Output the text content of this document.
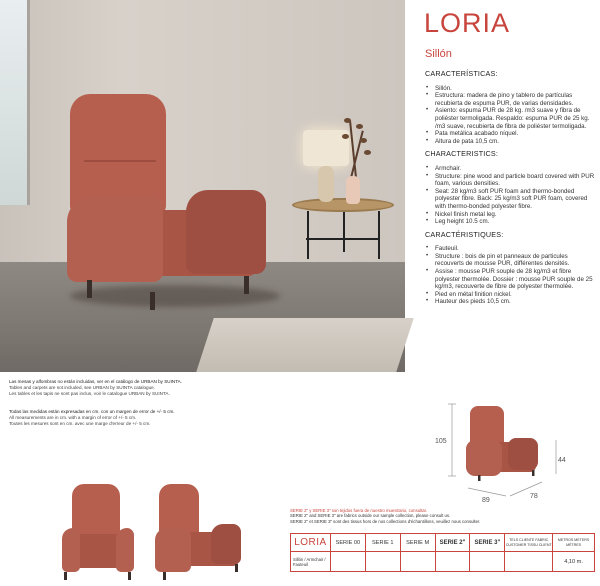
LORIA
Sillón
CARACTERÍSTICAS:
• Sillón.
• Estructura: madera de pino y tablero de partículas recubierta de espuma PUR, de varias densidades.
• Asiento: espuma PUR de 28 kg. /m3 suave y fibra de poliéster termoligada. Respaldo: espuma PUR de 25 kg. /m3 suave, recubierta de fibra de poliéster termoligada.
• Pata metálica acabado níquel.
• Altura de pata 10,5 cm.
CHARACTERISTICS:
• Armchair.
• Structure: pine wood and particle board covered with PUR foam, various densities.
• Seat: 28 kg/m3 soft PUR foam and thermo-bonded polyester fibre. Back: 25 kg/m3 soft PUR foam, covered with thermo-bonded polyester fibre.
• Nickel finish metal leg.
• Leg height 10.5 cm.
CARACTÉRISTIQUES:
• Fauteuil.
• Structure : bois de pin et panneaux de particules recouverts de mousse PUR, différentes densités.
• Assise : mousse PUR souple de 28 kg/m3 et fibre polyester thermolée. Dossier : mousse PUR souple de 25 kg/m3, recouverte de fibre de polyester thermolée.
• Pied en métal finition nickel.
• Hauteur des pieds 10,5 cm.

Las mesas y alfombras no están incluidas, ver en el catálogo de URBAN by SUINTA.

Tables and carpets are not included, see URBAN by SUINTA catalogue.

Les tables et les tapis ne sont pas inclus, voir le catalogue URBAN by SUINTA.

Todas las medidas están expresadas en cm. con un margen de error de +/- 5 cm.

All measurements are in cm. with a margin of error of +/- 5 cm.

Toutes les mesures sont en cm. avec une marge d'erreur de +/- 5 cm.

105
44
89
78

SERIE 2" y SERIE 3" son tejidos fuera de nuestro muestrario, consultar.

SERIE 2" and SERIE 3" are fabrics outside our sample collection, please consult us.

SERIE 2" et SERIE 3" sont des tissus hors de nos collections d'échantillons, veuillez nous consulter.

LORIA	SERIE 00	SERIE 1	SERIE M	SERIE 2"	SERIE 3"	TELS CLIENTE FABRIC CUSTOMER TISSU CLIENT	METROS METERS MÈTRES
Sillón / Armchair / Fauteuil							4,10 m.
